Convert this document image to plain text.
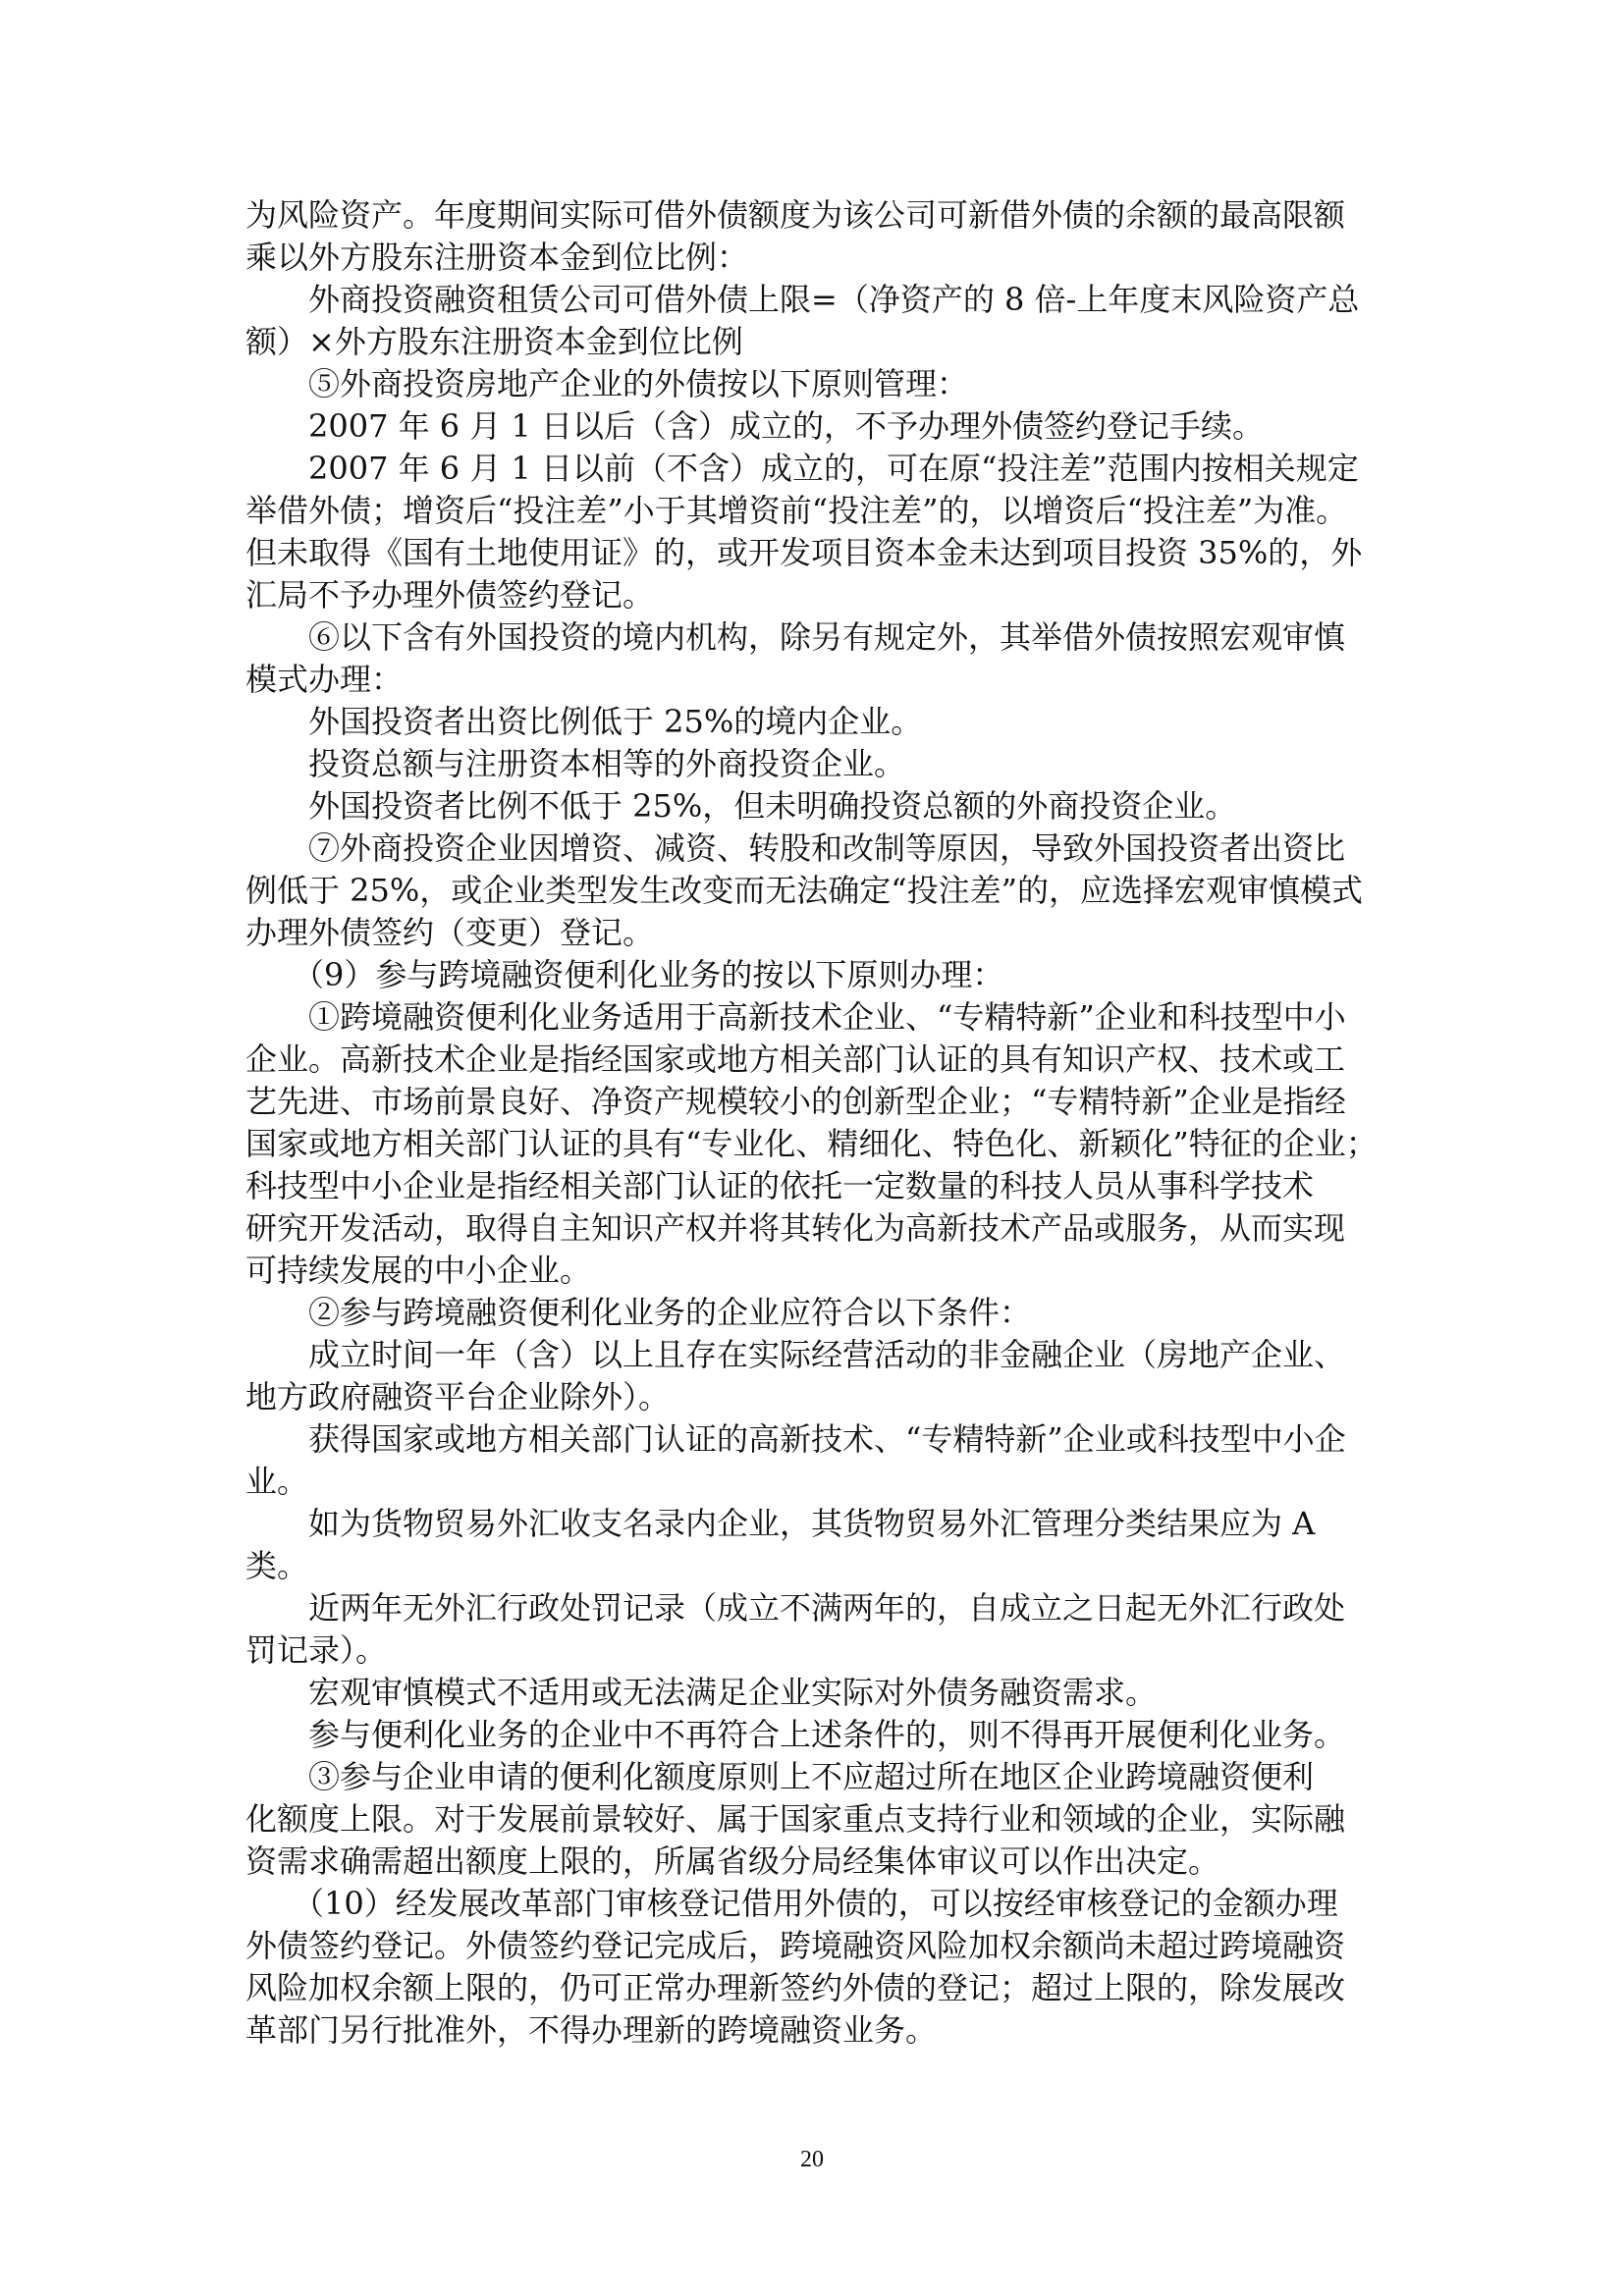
为风险资产。年度期间实际可借外债额度为该公司可新借外债的余额的最高限额
乘以外方股东注册资本金到位比例：

　　外商投资融资租赁公司可借外债上限=（净资产的 8 倍-上年度末风险资产总
额）×外方股东注册资本金到位比例

　　⑤外商投资房地产企业的外债按以下原则管理：

　　2007 年 6 月 1 日以后（含）成立的，不予办理外债签约登记手续。

　　2007 年 6 月 1 日以前（不含）成立的，可在原“投注差”范围内按相关规定
举借外债；增资后“投注差”小于其增资前“投注差”的，以增资后“投注差”为准。
但未取得《国有土地使用证》的，或开发项目资本金未达到项目投资 35%的，外
汇局不予办理外债签约登记。

　　⑥以下含有外国投资的境内机构，除另有规定外，其举借外债按照宏观审慎
模式办理：

　　外国投资者出资比例低于 25%的境内企业。

　　投资总额与注册资本相等的外商投资企业。

　　外国投资者比例不低于 25%，但未明确投资总额的外商投资企业。

　　⑦外商投资企业因增资、减资、转股和改制等原因，导致外国投资者出资比
例低于 25%，或企业类型发生改变而无法确定“投注差”的，应选择宏观审慎模式
办理外债签约（变更）登记。

　　（9）参与跨境融资便利化业务的按以下原则办理：

　　①跨境融资便利化业务适用于高新技术企业、“专精特新”企业和科技型中小
企业。高新技术企业是指经国家或地方相关部门认证的具有知识产权、技术或工
艺先进、市场前景良好、净资产规模较小的创新型企业；“专精特新”企业是指经
国家或地方相关部门认证的具有“专业化、精细化、特色化、新颖化”特征的企业；
科技型中小企业是指经相关部门认证的依托一定数量的科技人员从事科学技术
研究开发活动，取得自主知识产权并将其转化为高新技术产品或服务，从而实现
可持续发展的中小企业。

　　②参与跨境融资便利化业务的企业应符合以下条件：

　　成立时间一年（含）以上且存在实际经营活动的非金融企业（房地产企业、
地方政府融资平台企业除外）。

　　获得国家或地方相关部门认证的高新技术、“专精特新”企业或科技型中小企
业。

　　如为货物贸易外汇收支名录内企业，其货物贸易外汇管理分类结果应为 A
类。

　　近两年无外汇行政处罚记录（成立不满两年的，自成立之日起无外汇行政处
罚记录）。

　　宏观审慎模式不适用或无法满足企业实际对外债务融资需求。

　　参与便利化业务的企业中不再符合上述条件的，则不得再开展便利化业务。

　　③参与企业申请的便利化额度原则上不应超过所在地区企业跨境融资便利
化额度上限。对于发展前景较好、属于国家重点支持行业和领域的企业，实际融
资需求确需超出额度上限的，所属省级分局经集体审议可以作出决定。

　　（10）经发展改革部门审核登记借用外债的，可以按经审核登记的金额办理
外债签约登记。外债签约登记完成后，跨境融资风险加权余额尚未超过跨境融资
风险加权余额上限的，仍可正常办理新签约外债的登记；超过上限的，除发展改
革部门另行批准外，不得办理新的跨境融资业务。

20
